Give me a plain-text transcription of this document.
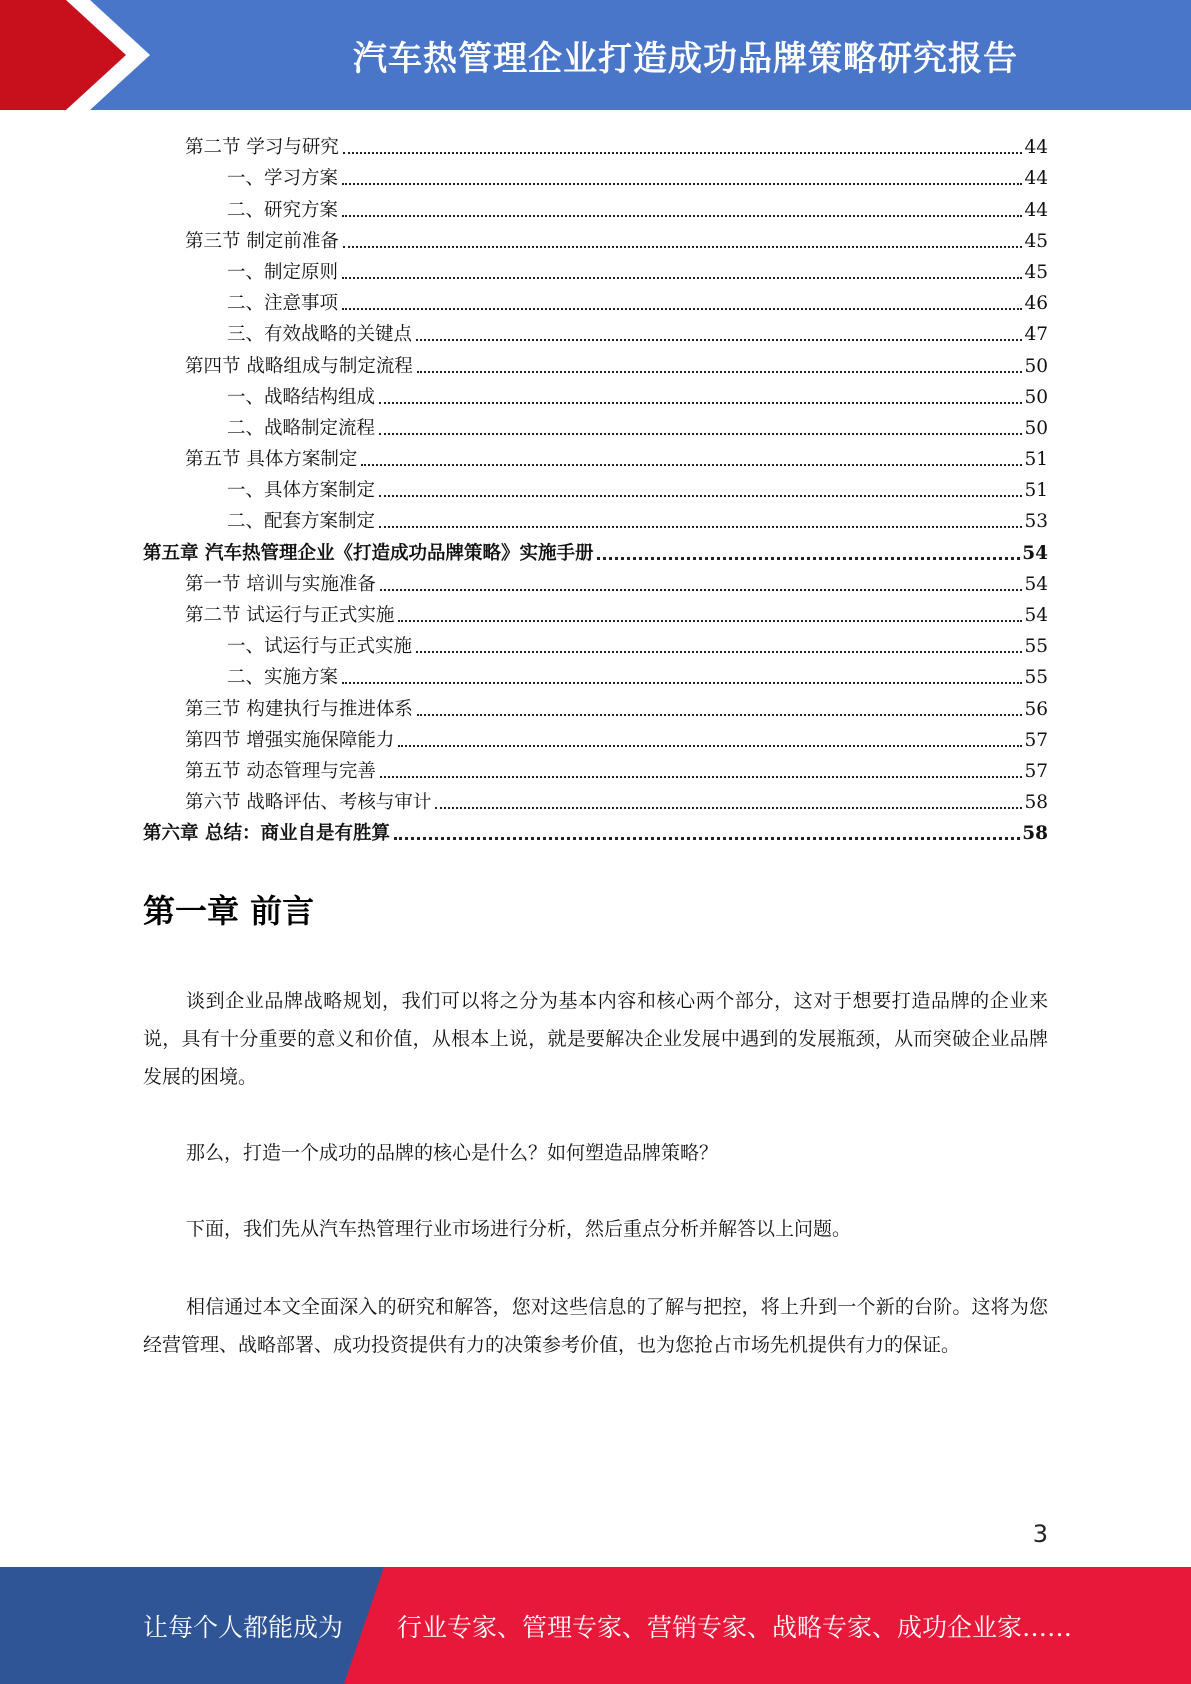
汽车热管理企业打造成功品牌策略研究报告
第二节 学习与研究	44
一、学习方案	44
二、研究方案	44
第三节 制定前准备	45
一、制定原则	45
二、注意事项	46
三、有效战略的关键点	47
第四节 战略组成与制定流程	50
一、战略结构组成	50
二、战略制定流程	50
第五节 具体方案制定	51
一、具体方案制定	51
二、配套方案制定	53
第五章 汽车热管理企业《打造成功品牌策略》实施手册	54
第一节 培训与实施准备	54
第二节 试运行与正式实施	54
一、试运行与正式实施	55
二、实施方案	55
第三节 构建执行与推进体系	56
第四节 增强实施保障能力	57
第五节 动态管理与完善	57
第六节 战略评估、考核与审计	58
第六章 总结：商业自是有胜算	58
第一章 前言

谈到企业品牌战略规划，我们可以将之分为基本内容和核心两个部分，这对于想要打造品牌的企业来说，具有十分重要的意义和价值，从根本上说，就是要解决企业发展中遇到的发展瓶颈，从而突破企业品牌发展的困境。

那么，打造一个成功的品牌的核心是什么？如何塑造品牌策略？

下面，我们先从汽车热管理行业市场进行分析，然后重点分析并解答以上问题。

相信通过本文全面深入的研究和解答，您对这些信息的了解与把控，将上升到一个新的台阶。这将为您经营管理、战略部署、成功投资提供有力的决策参考价值，也为您抢占市场先机提供有力的保证。

3
让每个人都能成为 行业专家、管理专家、营销专家、战略专家、成功企业家……
